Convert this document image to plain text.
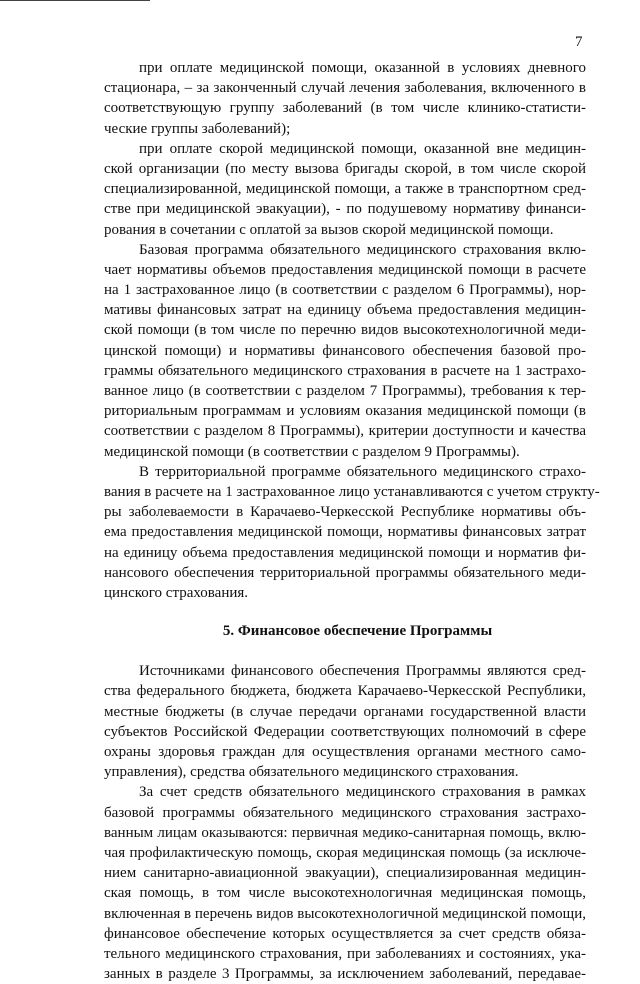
7
при оплате медицинской помощи, оказанной в условиях дневного
стационара, – за законченный случай лечения заболевания, включенного в
соответствующую группу заболеваний (в том числе клинико-статисти-
ческие группы заболеваний);
при оплате скорой медицинской помощи, оказанной вне медицин-
ской организации (по месту вызова бригады скорой, в том числе скорой
специализированной, медицинской помощи, а также в транспортном сред-
стве при медицинской эвакуации), - по подушевому нормативу финанси-
рования в сочетании с оплатой за вызов скорой медицинской помощи.
Базовая программа обязательного медицинского страхования вклю-
чает нормативы объемов предоставления медицинской помощи в расчете
на 1 застрахованное лицо (в соответствии с разделом 6 Программы), нор-
мативы финансовых затрат на единицу объема предоставления медицин-
ской помощи (в том числе по перечню видов высокотехнологичной меди-
цинской помощи) и нормативы финансового обеспечения базовой про-
граммы обязательного медицинского страхования в расчете на 1 застрахо-
ванное лицо (в соответствии с разделом 7 Программы), требования к тер-
риториальным программам и условиям оказания медицинской помощи (в
соответствии с разделом 8 Программы), критерии доступности и качества
медицинской помощи (в соответствии с разделом 9 Программы).
В территориальной программе обязательного медицинского страхо-
вания в расчете на 1 застрахованное лицо устанавливаются с учетом структу-
ры заболеваемости в Карачаево-Черкесской Республике нормативы объ-
ема предоставления медицинской помощи, нормативы финансовых затрат
на единицу объема предоставления медицинской помощи и норматив фи-
нансового обеспечения территориальной программы обязательного меди-
цинского страхования.
5. Финансовое обеспечение Программы
Источниками финансового обеспечения Программы являются сред-
ства федерального бюджета, бюджета Карачаево-Черкесской Республики,
местные бюджеты (в случае передачи органами государственной власти
субъектов Российской Федерации соответствующих полномочий в сфере
охраны здоровья граждан для осуществления органами местного само-
управления), средства обязательного медицинского страхования.
За счет средств обязательного медицинского страхования в рамках
базовой программы обязательного медицинского страхования застрахо-
ванным лицам оказываются: первичная медико-санитарная помощь, вклю-
чая профилактическую помощь, скорая медицинская помощь (за исключе-
нием санитарно-авиационной эвакуации), специализированная медицин-
ская помощь, в том числе высокотехнологичная медицинская помощь,
включенная в перечень видов высокотехнологичной медицинской помощи,
финансовое обеспечение которых осуществляется за счет средств обяза-
тельного медицинского страхования, при заболеваниях и состояниях, ука-
занных в разделе 3 Программы, за исключением заболеваний, передавае-
